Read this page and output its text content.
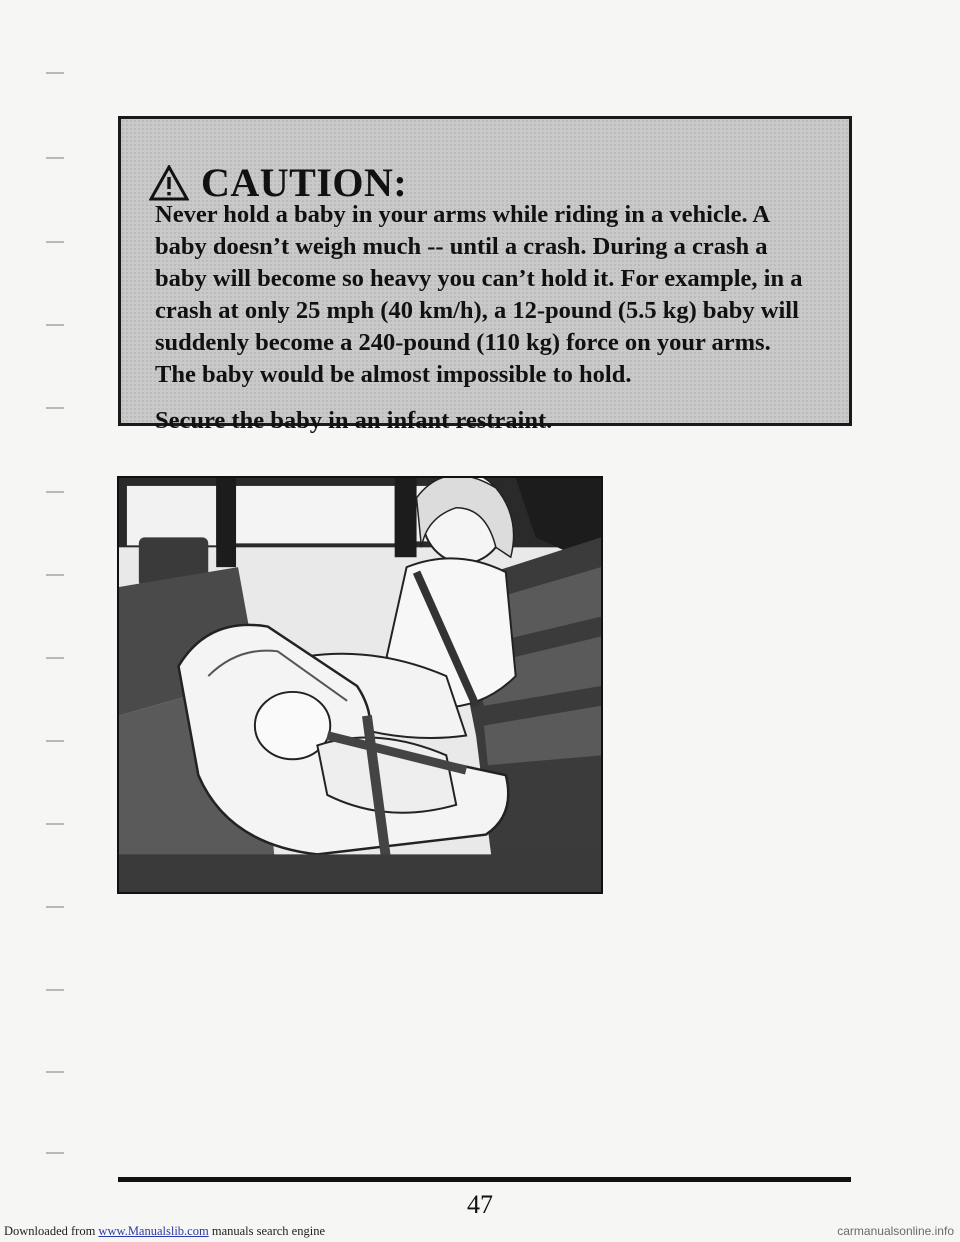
CAUTION:

Never hold a baby in your arms while riding in a vehicle. A baby doesn’t weigh much -- until a crash. During a crash a baby will become so heavy you can’t hold it. For example, in a crash at only 25 mph (40 km/h), a 12-pound (5.5 kg) baby will suddenly become a 240-pound (110 kg) force on your arms. The baby would be almost impossible to hold.

Secure the baby in an infant restraint.

47
Downloaded from www.Manualslib.com manuals search engine	carmanualsonline.info
